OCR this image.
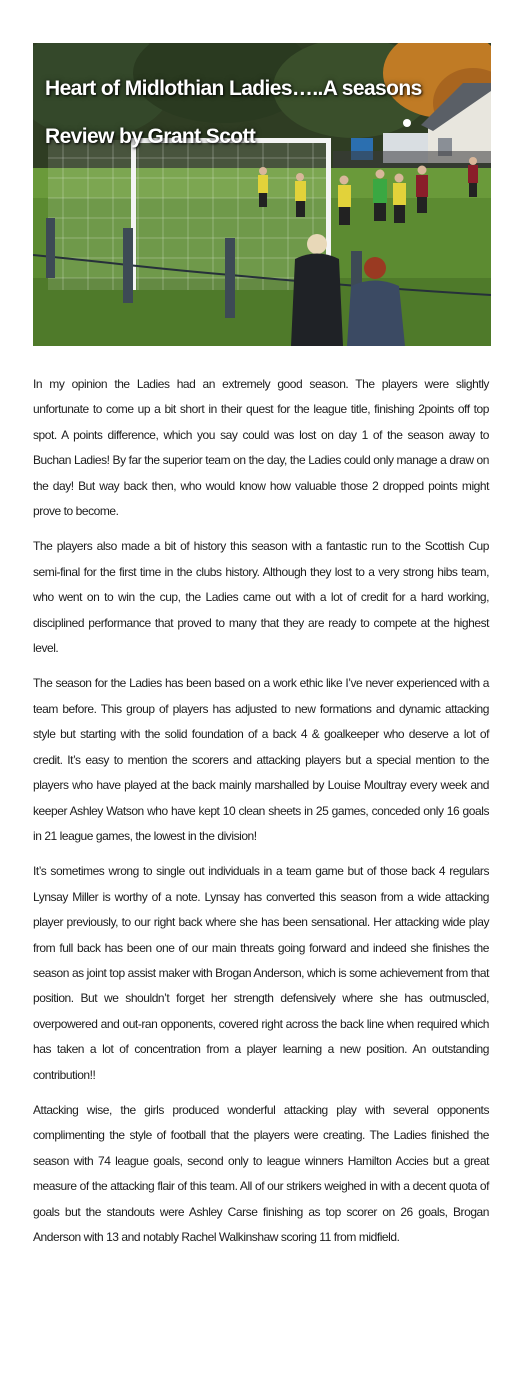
Heart of Midlothian Ladies…..A seasons Review by Grant Scott

In my opinion the Ladies had an extremely good season. The players were slightly unfortunate to come up a bit short in their quest for the league title, finishing 2points off top spot. A points difference, which you say could was lost on day 1 of the season away to Buchan Ladies! By far the superior team on the day, the Ladies could only manage a draw on the day! But way back then, who would know how valuable those 2 dropped points might prove to become.

The players also made a bit of history this season with a fantastic run to the Scottish Cup semi-final for the first time in the clubs history. Although they lost to a very strong hibs team, who went on to win the cup, the Ladies came out with a lot of credit for a hard working, disciplined performance that proved to many that they are ready to compete at the highest level.

The season for the Ladies has been based on a work ethic like I’ve never experienced with a team before. This group of players has adjusted to new formations and dynamic attacking style but starting with the solid foundation of a back 4 & goalkeeper who deserve a lot of credit. It’s easy to mention the scorers and attacking players but a special mention to the players who have played at the back mainly marshalled by Louise Moultray every week and keeper Ashley Watson who have kept 10 clean sheets in 25 games, conceded only 16 goals in 21 league games, the lowest in the division!

It’s sometimes wrong to single out individuals in a team game but of those back 4 regulars Lynsay Miller is worthy of a note. Lynsay has converted this season from a wide attacking player previously, to our right back where she has been sensational. Her attacking wide play from full back has been one of our main threats going forward and indeed she finishes the season as joint top assist maker with Brogan Anderson, which is some achievement from that position. But we shouldn’t forget her strength defensively where she has outmuscled, overpowered and out-ran opponents, covered right across the back line when required which has taken a lot of concentration from a player learning a new position. An outstanding contribution!!

Attacking wise, the girls produced wonderful attacking play with several opponents complimenting the style of football that the players were creating. The Ladies finished the season with 74 league goals, second only to league winners Hamilton Accies but a great measure of the attacking flair of this team. All of our strikers weighed in with a decent quota of goals but the standouts were Ashley Carse finishing as top scorer on 26 goals, Brogan Anderson with 13 and notably Rachel Walkinshaw scoring 11 from midfield.
